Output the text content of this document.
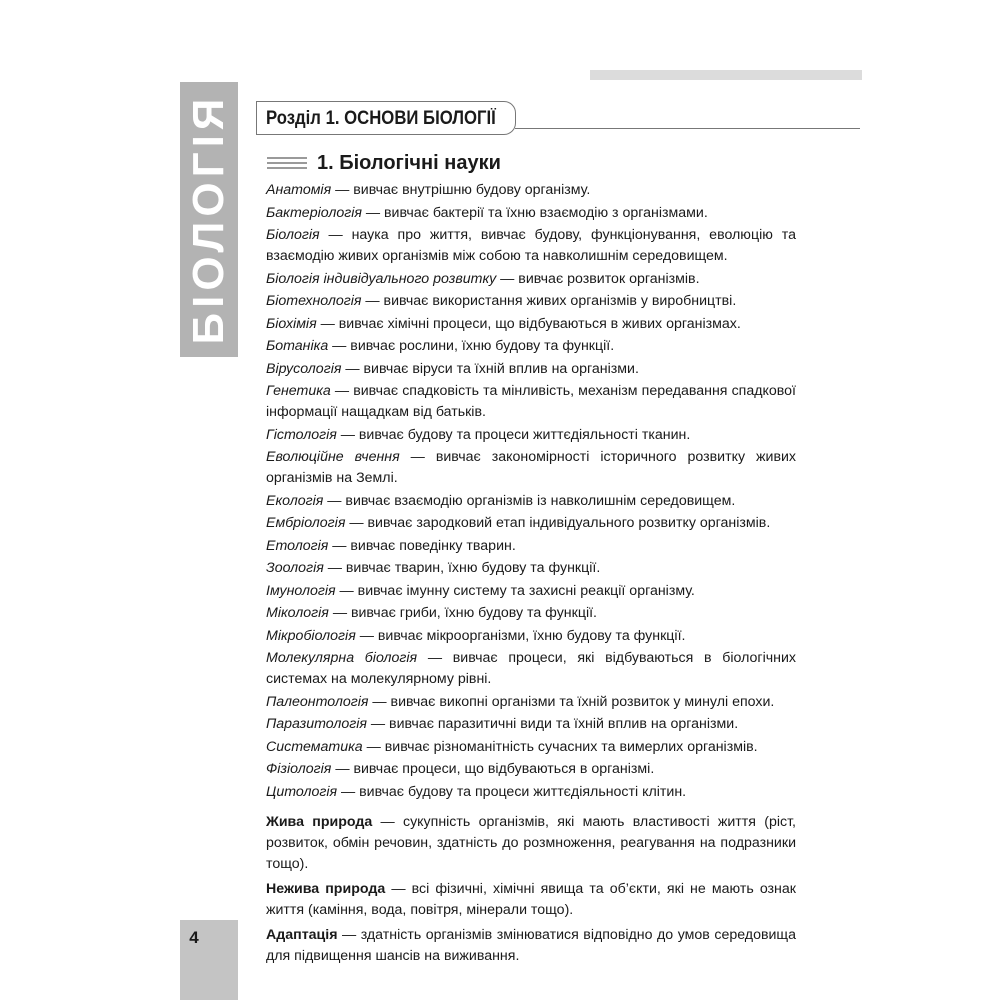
БІОЛОГІЯ
4
Розділ 1. ОСНОВИ БІОЛОГІЇ
1. Біологічні науки
Анатомія — вивчає внутрішню будову організму.
Бактеріологія — вивчає бактерії та їхню взаємодію з організмами.
Біологія — наука про життя, вивчає будову, функціонування, еволюцію та взаємодію живих організмів між собою та навколишнім середовищем.
Біологія індивідуального розвитку — вивчає розвиток організмів.
Біотехнологія — вивчає використання живих організмів у виробництві.
Біохімія — вивчає хімічні процеси, що відбуваються в живих організмах.
Ботаніка — вивчає рослини, їхню будову та функції.
Вірусологія — вивчає віруси та їхній вплив на організми.
Генетика — вивчає спадковість та мінливість, механізм передавання спадкової інформації нащадкам від батьків.
Гістологія — вивчає будову та процеси життєдіяльності тканин.
Еволюційне вчення — вивчає закономірності історичного розвитку живих організмів на Землі.
Екологія — вивчає взаємодію організмів із навколишнім середовищем.
Ембріологія — вивчає зародковий етап індивідуального розвитку організмів.
Етологія — вивчає поведінку тварин.
Зоологія — вивчає тварин, їхню будову та функції.
Імунологія — вивчає імунну систему та захисні реакції організму.
Мікологія — вивчає гриби, їхню будову та функції.
Мікробіологія — вивчає мікроорганізми, їхню будову та функції.
Молекулярна біологія — вивчає процеси, які відбуваються в біологічних системах на молекулярному рівні.
Палеонтологія — вивчає викопні організми та їхній розвиток у минулі епохи.
Паразитологія — вивчає паразитичні види та їхній вплив на організми.
Систематика — вивчає різноманітність сучасних та вимерлих організмів.
Фізіологія — вивчає процеси, що відбуваються в організмі.
Цитологія — вивчає будову та процеси життєдіяльності клітин.
Жива природа — сукупність організмів, які мають властивості життя (ріст, розвиток, обмін речовин, здатність до розмноження, реагування на подразники тощо).
Нежива природа — всі фізичні, хімічні явища та об’єкти, які не мають ознак життя (каміння, вода, повітря, мінерали тощо).
Адаптація — здатність організмів змінюватися відповідно до умов середовища для підвищення шансів на виживання.
